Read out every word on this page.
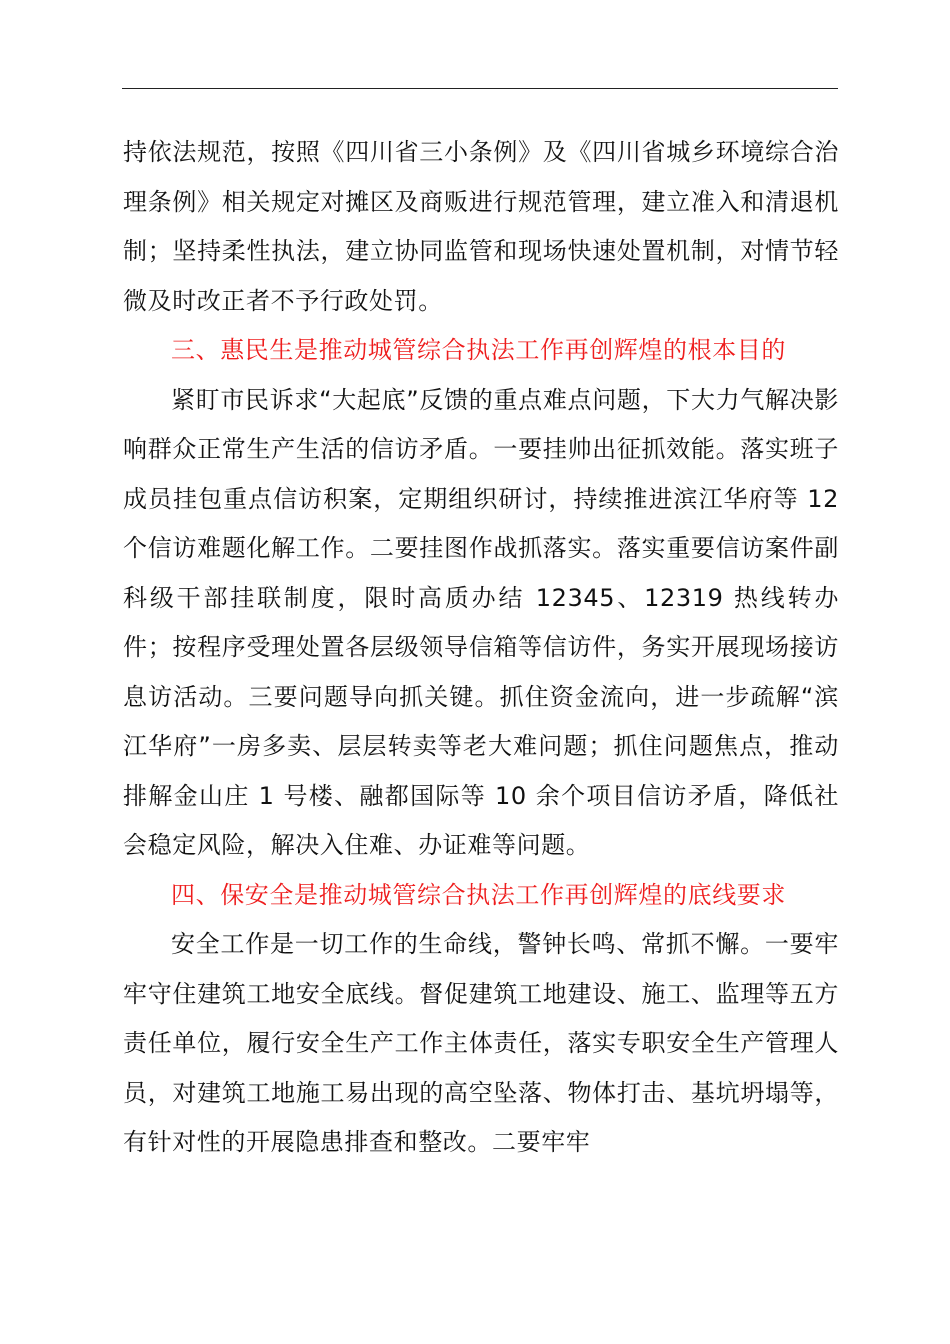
持依法规范，按照《四川省三小条例》及《四川省城乡环境综合治理条例》相关规定对摊区及商贩进行规范管理，建立准入和清退机制；坚持柔性执法，建立协同监管和现场快速处置机制，对情节轻微及时改正者不予行政处罚。

三、惠民生是推动城管综合执法工作再创辉煌的根本目的

紧盯市民诉求“大起底”反馈的重点难点问题，下大力气解决影响群众正常生产生活的信访矛盾。一要挂帅出征抓效能。落实班子成员挂包重点信访积案，定期组织研讨，持续推进滨江华府等 12 个信访难题化解工作。二要挂图作战抓落实。落实重要信访案件副科级干部挂联制度，限时高质办结 12345、12319 热线转办件；按程序受理处置各层级领导信箱等信访件，务实开展现场接访息访活动。三要问题导向抓关键。抓住资金流向，进一步疏解“滨江华府”一房多卖、层层转卖等老大难问题；抓住问题焦点，推动排解金山庄 1 号楼、融都国际等 10 余个项目信访矛盾，降低社会稳定风险，解决入住难、办证难等问题。

四、保安全是推动城管综合执法工作再创辉煌的底线要求

安全工作是一切工作的生命线，警钟长鸣、常抓不懈。一要牢牢守住建筑工地安全底线。督促建筑工地建设、施工、监理等五方责任单位，履行安全生产工作主体责任，落实专职安全生产管理人员，对建筑工地施工易出现的高空坠落、物体打击、基坑坍塌等，有针对性的开展隐患排查和整改。二要牢牢
